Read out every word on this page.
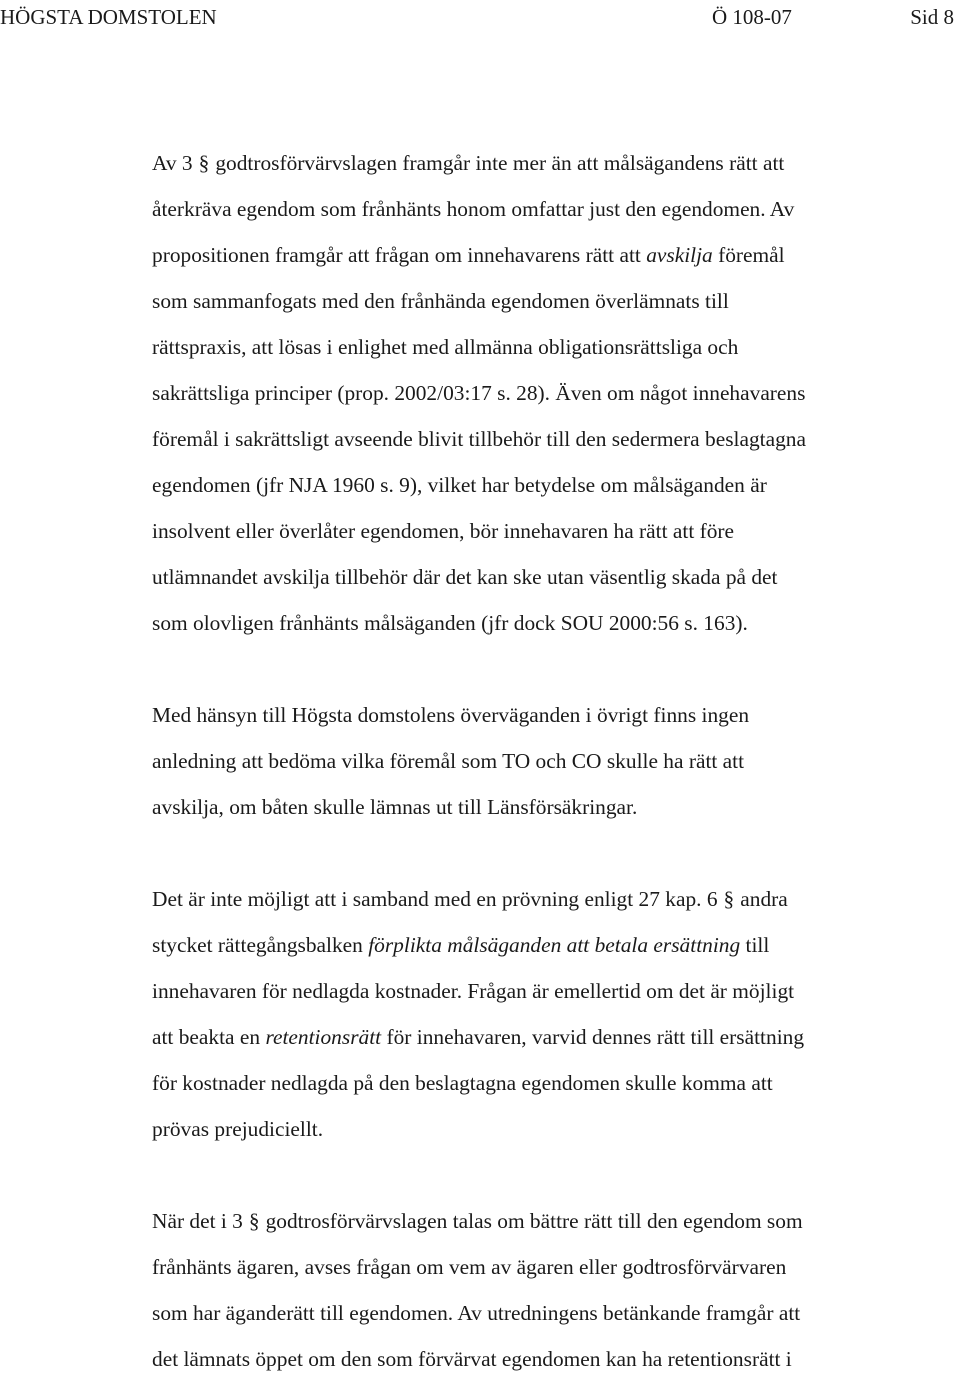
HÖGSTA DOMSTOLEN	Ö 108-07	Sid 8

Av 3 § godtrosförvärvslagen framgår inte mer än att målsägandens rätt att
återkräva egendom som frånhänts honom omfattar just den egendomen. Av
propositionen framgår att frågan om innehavarens rätt att avskilja föremål
som sammanfogats med den frånhända egendomen överlämnats till
rättspraxis, att lösas i enlighet med allmänna obligationsrättsliga och
sakrättsliga principer (prop. 2002/03:17 s. 28). Även om något innehavarens
föremål i sakrättsligt avseende blivit tillbehör till den sedermera beslagtagna
egendomen (jfr NJA 1960 s. 9), vilket har betydelse om målsäganden är
insolvent eller överlåter egendomen, bör innehavaren ha rätt att före
utlämnandet avskilja tillbehör där det kan ske utan väsentlig skada på det
som olovligen frånhänts målsäganden (jfr dock SOU 2000:56 s. 163).

Med hänsyn till Högsta domstolens överväganden i övrigt finns ingen
anledning att bedöma vilka föremål som TO och CO skulle ha rätt att
avskilja, om båten skulle lämnas ut till Länsförsäkringar.

Det är inte möjligt att i samband med en prövning enligt 27 kap. 6 § andra
stycket rättegångsbalken förplikta målsäganden att betala ersättning till
innehavaren för nedlagda kostnader. Frågan är emellertid om det är möjligt
att beakta en retentionsrätt för innehavaren, varvid dennes rätt till ersättning
för kostnader nedlagda på den beslagtagna egendomen skulle komma att
prövas prejudiciellt.

När det i 3 § godtrosförvärvslagen talas om bättre rätt till den egendom som
frånhänts ägaren, avses frågan om vem av ägaren eller godtrosförvärvaren
som har äganderätt till egendomen. Av utredningens betänkande framgår att
det lämnats öppet om den som förvärvat egendomen kan ha retentionsrätt i
